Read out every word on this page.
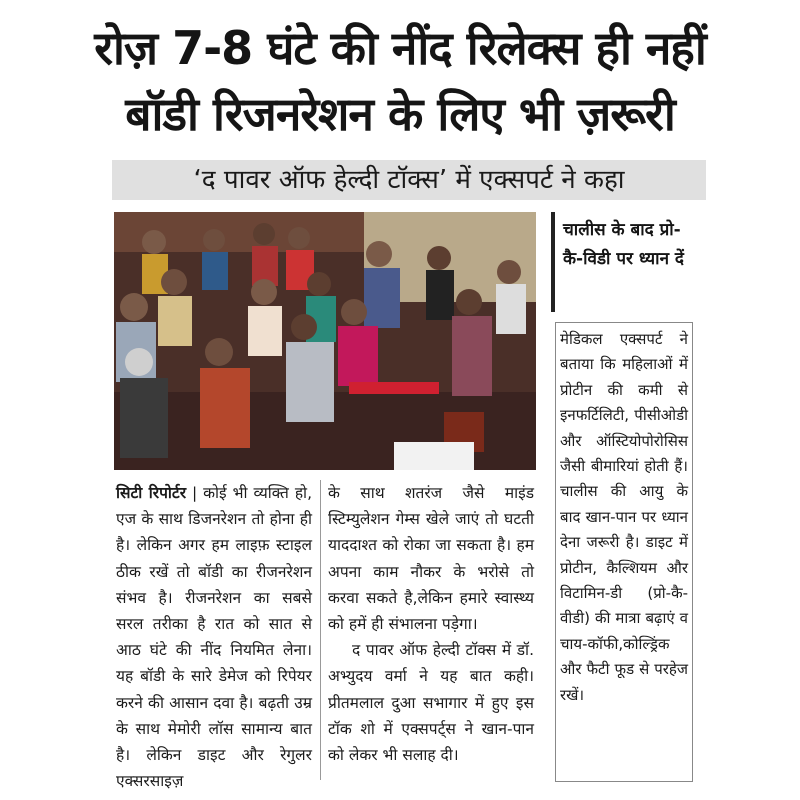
रोज़ 7-8 घंटे की नींद रिलेक्स ही नहीं
बॉडी रिजनरेशन के लिए भी ज़रूरी
‘द पावर ऑफ हेल्दी टॉक्स’ में एक्सपर्ट ने कहा

सिटी रिपोर्टर | कोई भी व्यक्ति हो, एज के साथ डिजनरेशन तो होना ही है। लेकिन अगर हम लाइफ़ स्टाइल ठीक रखें तो बॉडी का रीजनरेशन संभव है। रीजनरेशन का सबसे सरल तरीका है रात को सात से आठ घंटे की नींद नियमित लेना। यह बॉडी के सारे डेमेज को रिपेयर करने की आसान दवा है। बढ़ती उम्र के साथ मेमोरी लॉस सामान्य बात है। लेकिन डाइट और रेगुलर एक्सरसाइज़

के साथ शतरंज जैसे माइंड स्टिम्युलेशन गेम्स खेले जाएं तो घटती याददाश्त को रोका जा सकता है। हम अपना काम नौकर के भरोसे तो करवा सकते है,लेकिन हमारे स्वास्थ्य को हमें ही संभालना पड़ेगा।

द पावर ऑफ हेल्दी टॉक्स में डॉ. अभ्युदय वर्मा ने यह बात कही। प्रीतमलाल दुआ सभागार में हुए इस टॉक शो में एक्सपर्ट्स ने खान-पान को लेकर भी सलाह दी।

चालीस के बाद प्रो-कै-विडी पर ध्यान दें

मेडिकल एक्सपर्ट ने बताया कि महिलाओं में प्रोटीन की कमी से इनफर्टिलिटी, पीसीओडी और ऑस्टियोपोरोसिस जैसी बीमारियां होती हैं। चालीस की आयु के बाद खान-पान पर ध्यान देना जरूरी है। डाइट में प्रोटीन, कैल्शियम और विटामिन-डी (प्रो-कै-वीडी) की मात्रा बढ़ाएं व चाय-कॉफी,कोल्ड्रिंक और फैटी फूड से परहेज रखें।
